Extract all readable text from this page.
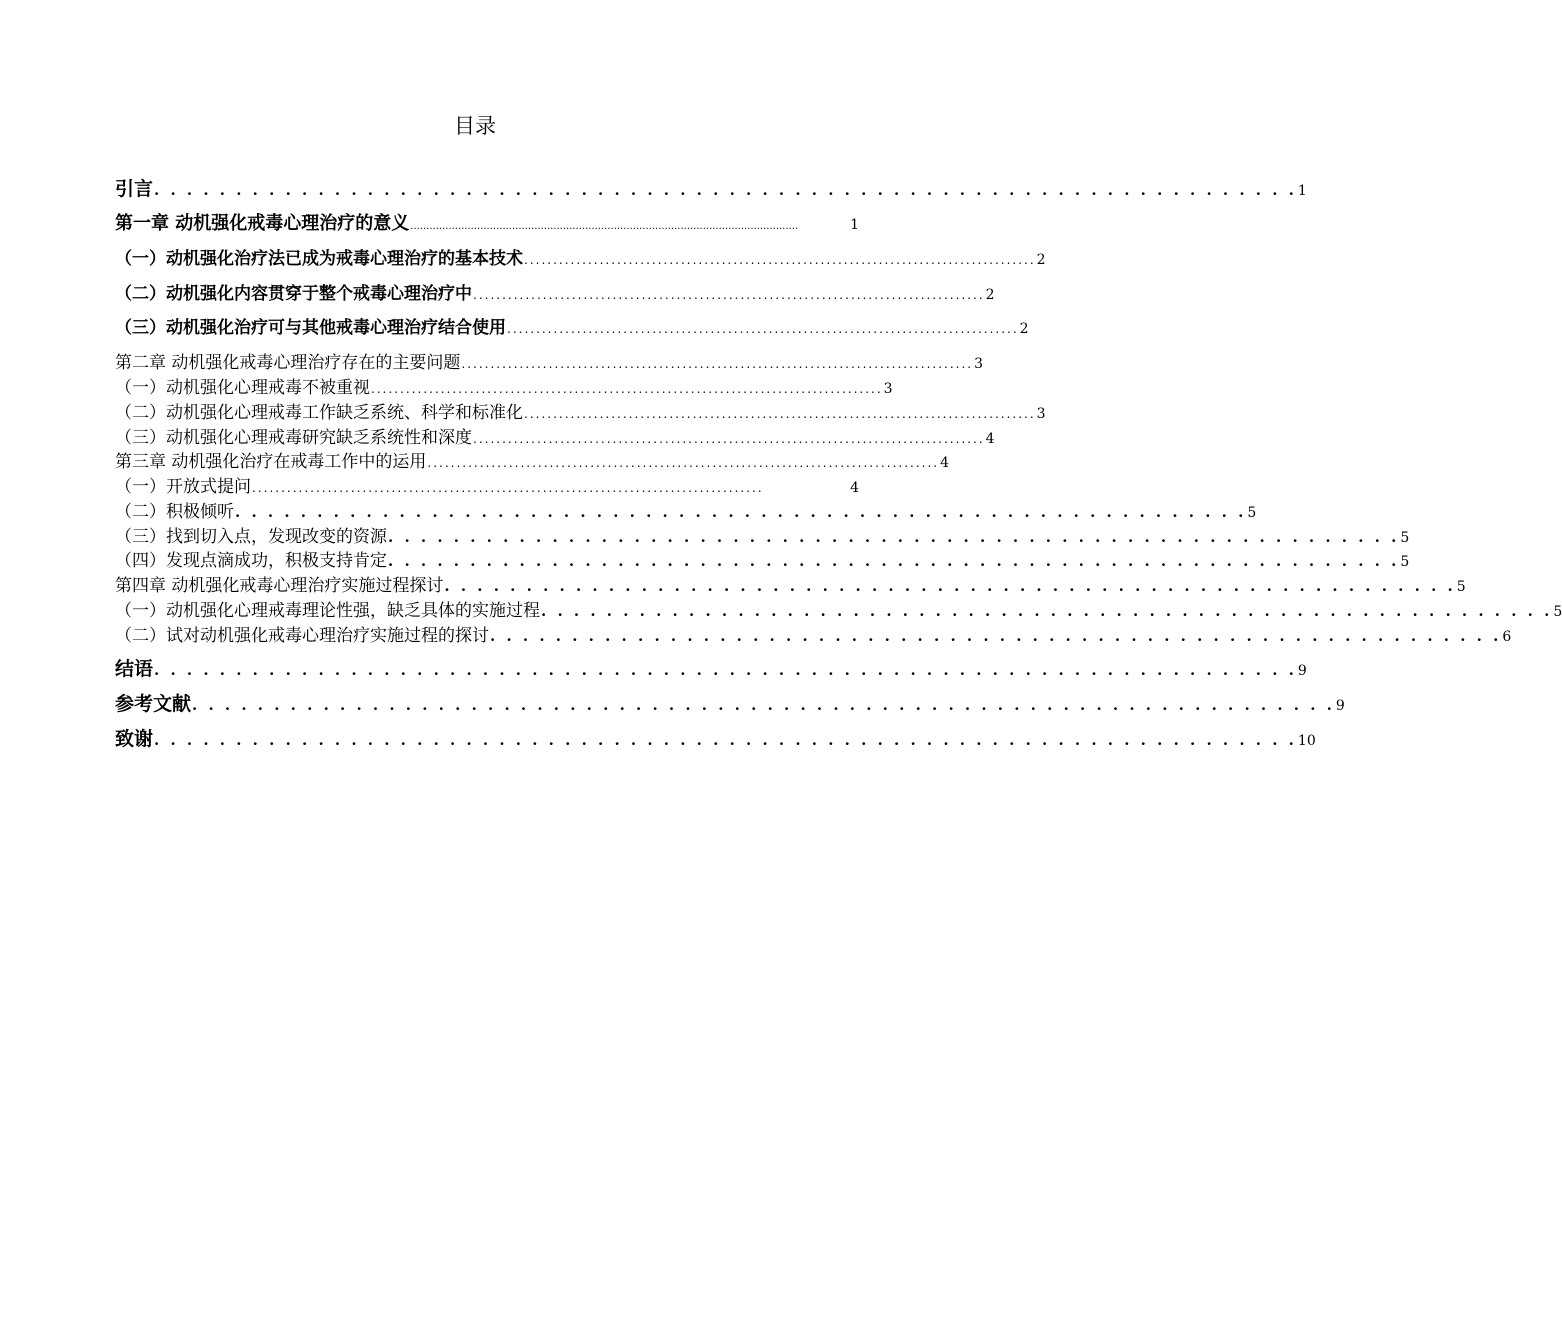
目录
引言 . . . . . . . . . . . . . . . . . . . . . . . . . . . . . . . . . . . . . . . . . . . . . . . . . . . . . . . . . . . . . . . . . . . . . . 1
第一章 动机强化戒毒心理治疗的意义 ..........................................................................................................................	1
（一）动机强化治疗法已成为戒毒心理治疗的基本技术 ........................................................................................ 2
（二）动机强化内容贯穿于整个戒毒心理治疗中 ........................................................................................ 2
（三）动机强化治疗可与其他戒毒心理治疗结合使用 ........................................................................................ 2
第二章 动机强化戒毒心理治疗存在的主要问题 ........................................................................................ 3
（一）动机强化心理戒毒不被重视 ........................................................................................ 3
（二）动机强化心理戒毒工作缺乏系统、科学和标准化 ........................................................................................ 3
（三）动机强化心理戒毒研究缺乏系统性和深度 ........................................................................................ 4
第三章 动机强化治疗在戒毒工作中的运用 ........................................................................................ 4
（一）开放式提问 ........................................................................................	4
（二）积极倾听 . . . . . . . . . . . . . . . . . . . . . . . . . . . . . . . . . . . . . . . . . . . . . . . . . . . . . . . . . . . . . . 5
（三）找到切入点，发现改变的资源 . . . . . . . . . . . . . . . . . . . . . . . . . . . . . . . . . . . . . . . . . . . . . . . . . . . . . . . . . . . . . . 5
（四）发现点滴成功，积极支持肯定 . . . . . . . . . . . . . . . . . . . . . . . . . . . . . . . . . . . . . . . . . . . . . . . . . . . . . . . . . . . . . . 5
第四章 动机强化戒毒心理治疗实施过程探讨 . . . . . . . . . . . . . . . . . . . . . . . . . . . . . . . . . . . . . . . . . . . . . . . . . . . . . . . . . . . . . . 5
（一）动机强化心理戒毒理论性强，缺乏具体的实施过程 . . . . . . . . . . . . . . . . . . . . . . . . . . . . . . . . . . . . . . . . . . . . . . . . . . . . . . . . . . . . . . 5
（二）试对动机强化戒毒心理治疗实施过程的探讨 . . . . . . . . . . . . . . . . . . . . . . . . . . . . . . . . . . . . . . . . . . . . . . . . . . . . . . . . . . . . . . 6
结语 . . . . . . . . . . . . . . . . . . . . . . . . . . . . . . . . . . . . . . . . . . . . . . . . . . . . . . . . . . . . . . . . . . . . . . 9
参考文献 . . . . . . . . . . . . . . . . . . . . . . . . . . . . . . . . . . . . . . . . . . . . . . . . . . . . . . . . . . . . . . . . . . . . . . 9
致谢 . . . . . . . . . . . . . . . . . . . . . . . . . . . . . . . . . . . . . . . . . . . . . . . . . . . . . . . . . . . . . . . . . . . . . . 10
